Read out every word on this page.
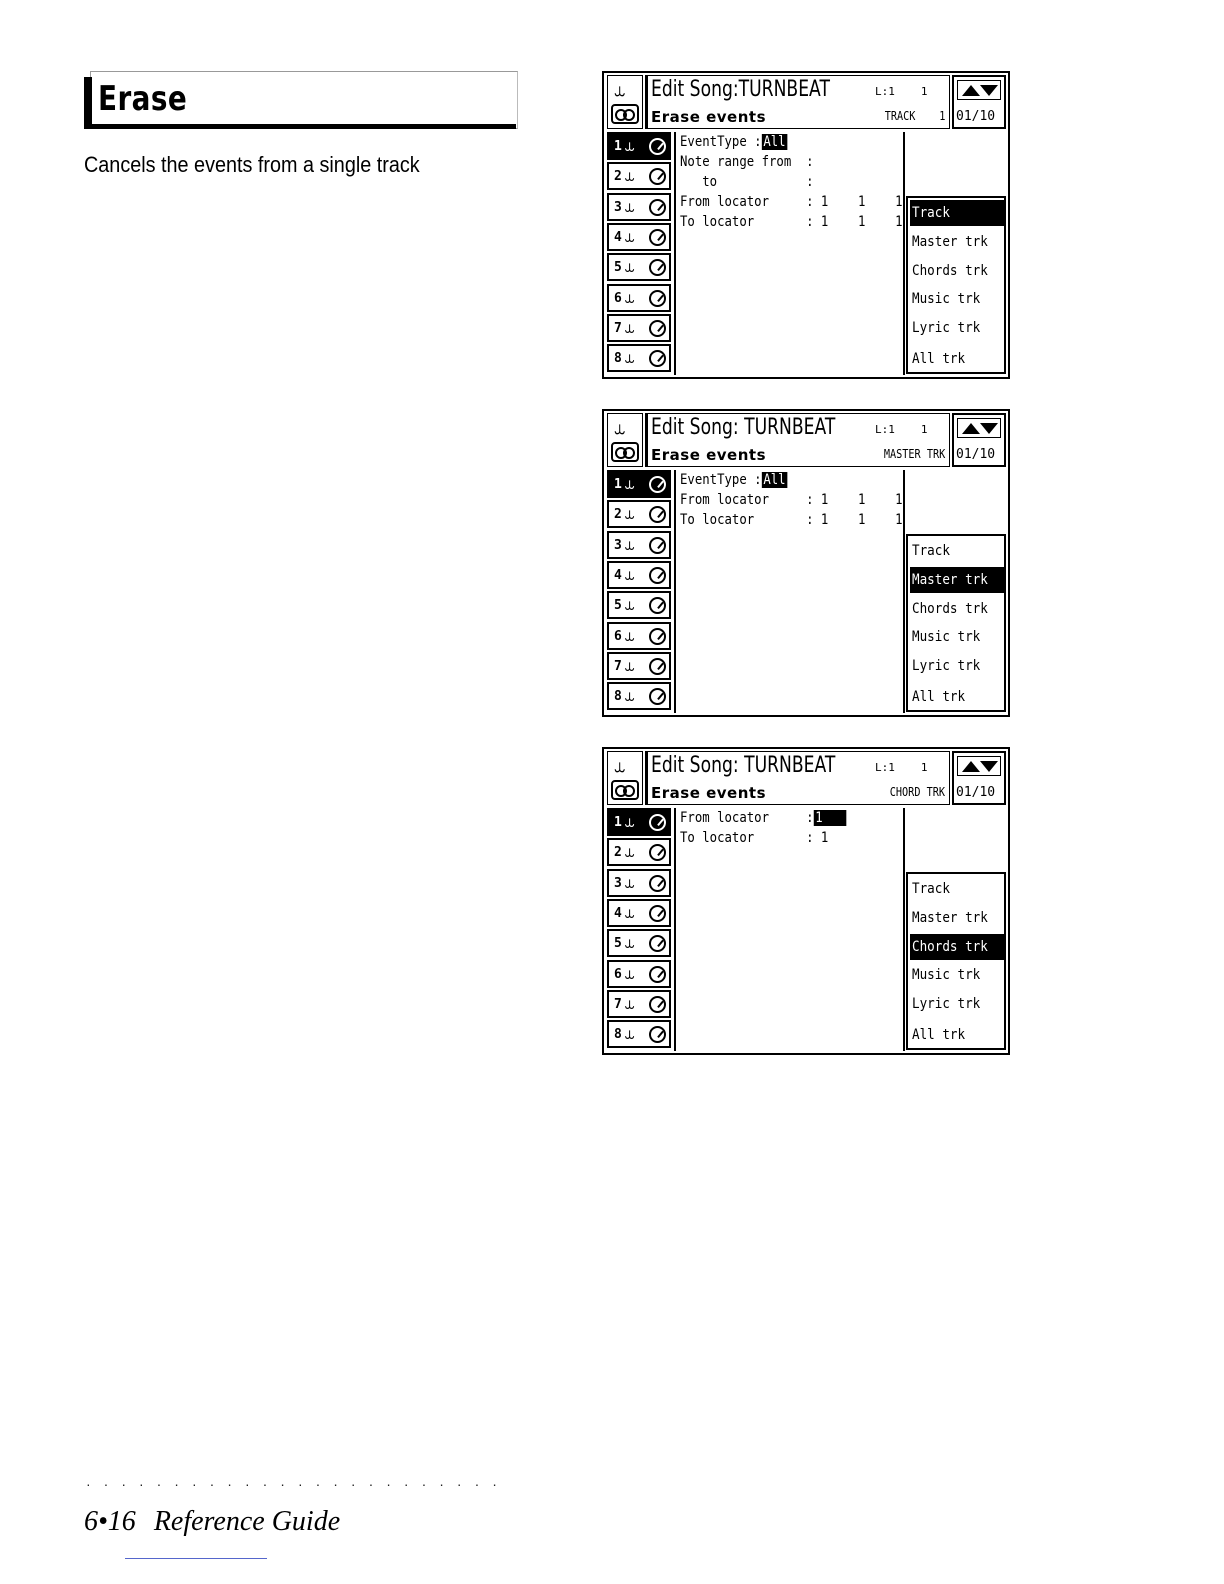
Erase
Cancels the events from a single track
⥿ Edit Song:TURNBEAT
Erase events
L:1 1
TRACK 1 01/10
1 ⥿
2 ⥿
3 ⥿
4 ⥿
5 ⥿
6 ⥿
7 ⥿
8 ⥿
EventType : All
Note range from  :
to            :
From locator     : 1    1    1
To locator       : 1    1    1
Track
Master trk
Chords trk
Music trk
Lyric trk
All trk
⥿ Edit Song: TURNBEAT
Erase events
L:1 1
MASTER TRK 01/10
1 ⥿
2 ⥿
3 ⥿
4 ⥿
5 ⥿
6 ⥿
7 ⥿
8 ⥿
EventType : All
From locator     : 1    1    1
To locator       : 1    1    1
Track
Master trk
Chords trk
Music trk
Lyric trk
All trk
⥿ Edit Song: TURNBEAT
Erase events
L:1 1
CHORD TRK 01/10
1 ⥿
2 ⥿
3 ⥿
4 ⥿
5 ⥿
6 ⥿
7 ⥿
8 ⥿
From locator     : 1
To locator       : 1
Track
Master trk
Chords trk
Music trk
Lyric trk
All trk
························
6•16 Reference Guide
